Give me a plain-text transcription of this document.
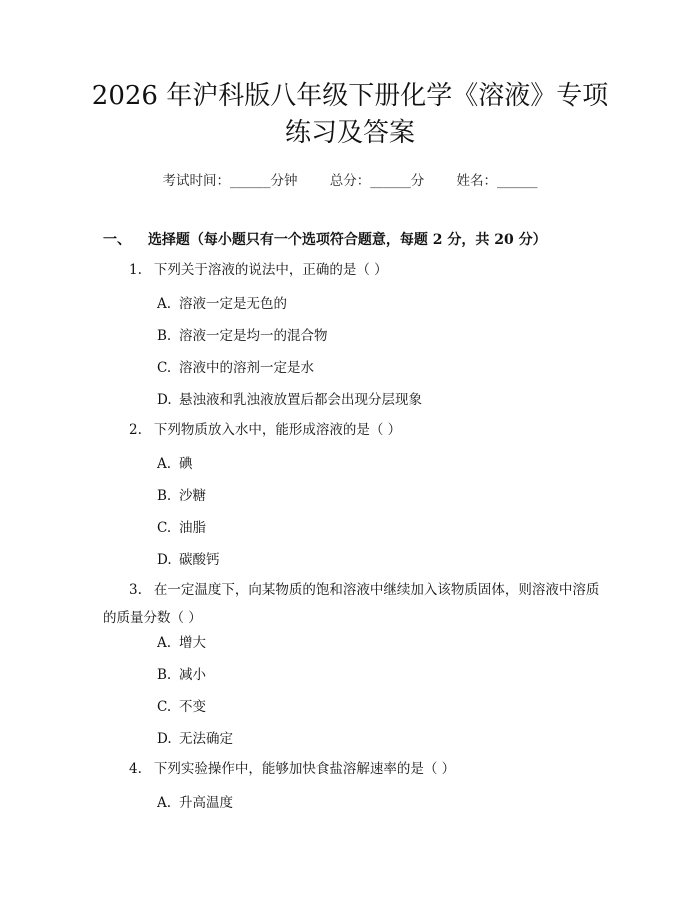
2026 年沪科版八年级下册化学《溶液》专项
练习及答案
考试时间：______分钟 总分：______分 姓名：______
一、 选择题（每小题只有一个选项符合题意，每题 2 分，共 20 分）
1. 下列关于溶液的说法中，正确的是（ ）
A. 溶液一定是无色的
B. 溶液一定是均一的混合物
C. 溶液中的溶剂一定是水
D. 悬浊液和乳浊液放置后都会出现分层现象
2. 下列物质放入水中，能形成溶液的是（ ）
A. 碘
B. 沙糖
C. 油脂
D. 碳酸钙
3. 在一定温度下，向某物质的饱和溶液中继续加入该物质固体，则溶液中溶质的质量分数（ ）
A. 增大
B. 减小
C. 不变
D. 无法确定
4. 下列实验操作中，能够加快食盐溶解速率的是（ ）
A. 升高温度
